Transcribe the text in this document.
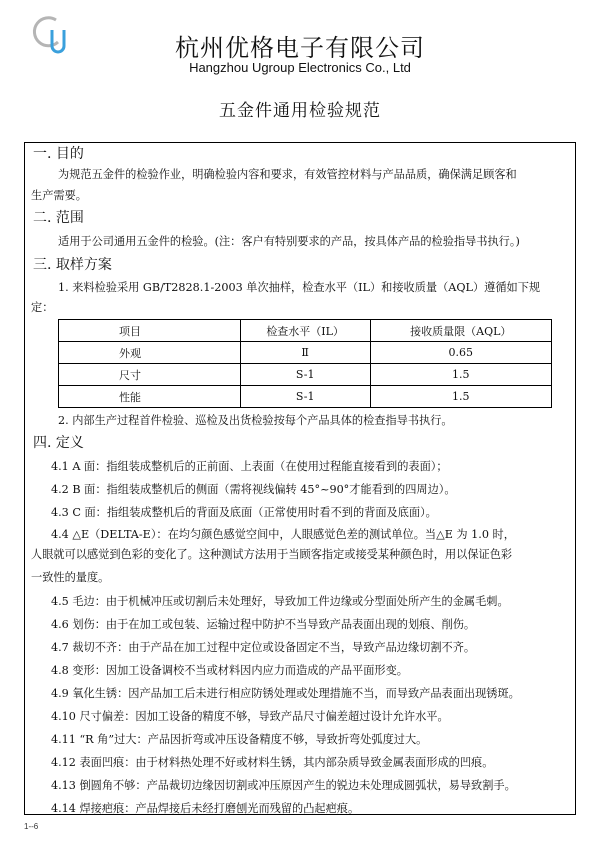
杭州优格电子有限公司
Hangzhou Ugroup Electronics Co., Ltd
五金件通用检验规范
一. 目的
为规范五金件的检验作业，明确检验内容和要求，有效管控材料与产品品质，确保满足顾客和
生产需要。
二. 范围
适用于公司通用五金件的检验。(注：客户有特别要求的产品，按具体产品的检验指导书执行。)
三. 取样方案
1. 来料检验采用 GB/T2828.1-2003 单次抽样，检查水平（IL）和接收质量（AQL）遵循如下规
定：
项目	检查水平（IL）	接收质量限（AQL）
外观	Ⅱ	0.65
尺寸	S-1	1.5
性能	S-1	1.5
2. 内部生产过程首件检验、巡检及出货检验按每个产品具体的检查指导书执行。
四. 定义
4.1 A 面：指组装成整机后的正前面、上表面（在使用过程能直接看到的表面）；
4.2 B 面：指组装成整机后的侧面（需将视线偏转 45°~90°才能看到的四周边）。
4.3 C 面：指组装成整机后的背面及底面（正常使用时看不到的背面及底面）。
4.4 △E（DELTA-E）：在均匀颜色感觉空间中，人眼感觉色差的测试单位。当△E 为 1.0 时，
人眼就可以感觉到色彩的变化了。这种测试方法用于当顾客指定或接受某种颜色时，用以保证色彩
一致性的量度。
4.5 毛边：由于机械冲压或切割后未处理好，导致加工件边缘或分型面处所产生的金属毛刺。
4.6 划伤：由于在加工或包装、运输过程中防护不当导致产品表面出现的划痕、削伤。
4.7 裁切不齐：由于产品在加工过程中定位或设备固定不当，导致产品边缘切割不齐。
4.8 变形：因加工设备调校不当或材料因内应力而造成的产品平面形变。
4.9 氧化生锈：因产品加工后未进行相应防锈处理或处理措施不当，而导致产品表面出现锈斑。
4.10 尺寸偏差：因加工设备的精度不够，导致产品尺寸偏差超过设计允许水平。
4.11 “R 角”过大：产品因折弯或冲压设备精度不够，导致折弯处弧度过大。
4.12 表面凹痕：由于材料热处理不好或材料生锈，其内部杂质导致金属表面形成的凹痕。
4.13 倒圆角不够：产品裁切边缘因切割或冲压原因产生的锐边未处理成圆弧状，易导致割手。
4.14 焊接疤痕：产品焊接后未经打磨刨光而残留的凸起疤痕。
1--6
